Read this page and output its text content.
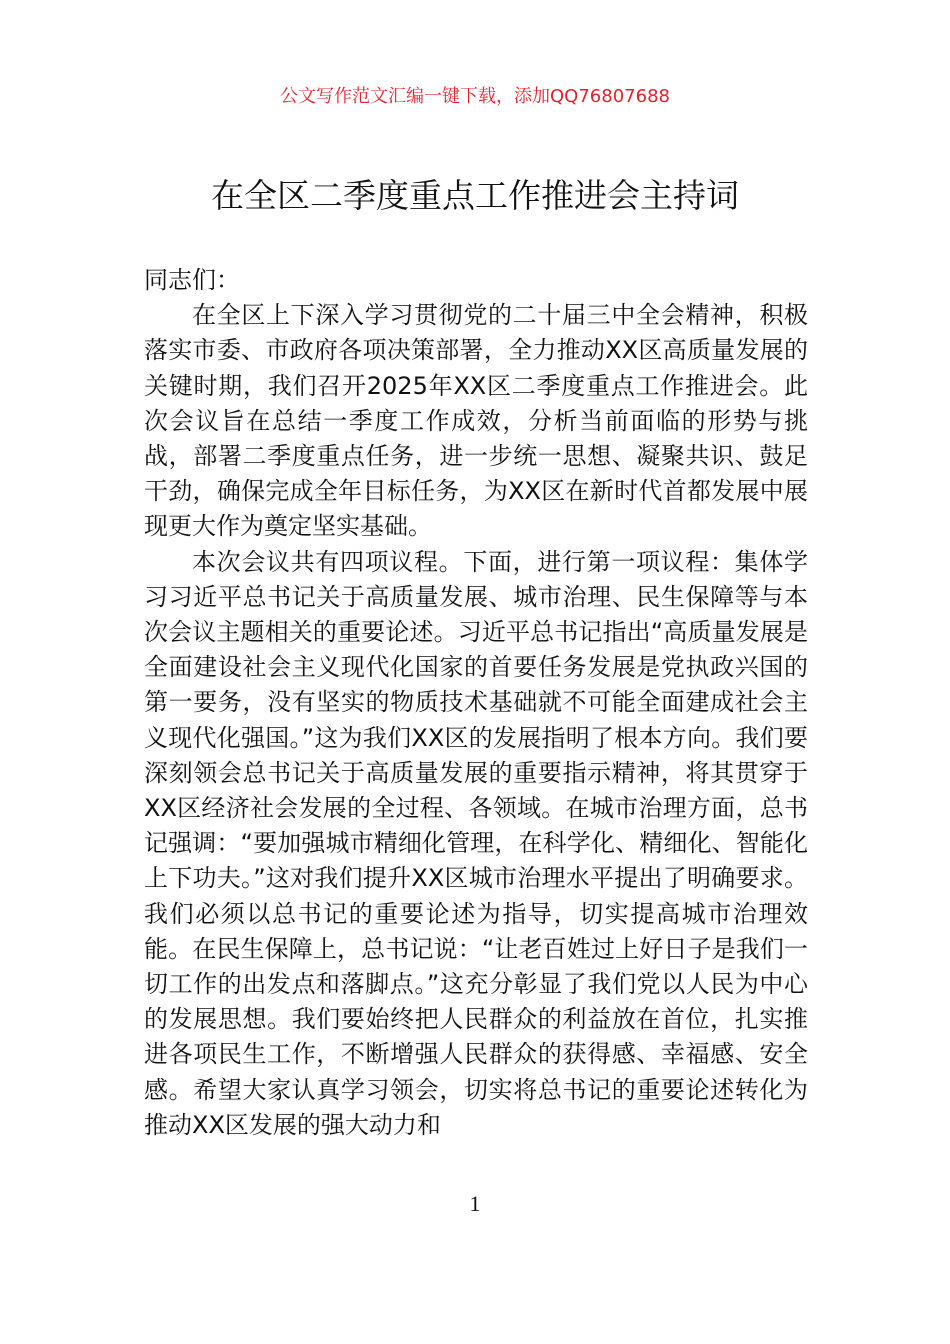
公文写作范文汇编一键下载，添加QQ76807688
在全区二季度重点工作推进会主持词

同志们：

在全区上下深入学习贯彻党的二十届三中全会精神，积极落实市委、市政府各项决策部署，全力推动XX区高质量发展的关键时期，我们召开2025年XX区二季度重点工作推进会。此次会议旨在总结一季度工作成效，分析当前面临的形势与挑战，部署二季度重点任务，进一步统一思想、凝聚共识、鼓足干劲，确保完成全年目标任务，为XX区在新时代首都发展中展现更大作为奠定坚实基础。

本次会议共有四项议程。下面，进行第一项议程：集体学习习近平总书记关于高质量发展、城市治理、民生保障等与本次会议主题相关的重要论述。习近平总书记指出“高质量发展是全面建设社会主义现代化国家的首要任务发展是党执政兴国的第一要务，没有坚实的物质技术基础就不可能全面建成社会主义现代化强国。”这为我们XX区的发展指明了根本方向。我们要深刻领会总书记关于高质量发展的重要指示精神，将其贯穿于XX区经济社会发展的全过程、各领域。在城市治理方面，总书记强调：“要加强城市精细化管理，在科学化、精细化、智能化上下功夫。”这对我们提升XX区城市治理水平提出了明确要求。我们必须以总书记的重要论述为指导，切实提高城市治理效能。在民生保障上，总书记说：“让老百姓过上好日子是我们一切工作的出发点和落脚点。”这充分彰显了我们党以人民为中心的发展思想。我们要始终把人民群众的利益放在首位，扎实推进各项民生工作，不断增强人民群众的获得感、幸福感、安全感。希望大家认真学习领会，切实将总书记的重要论述转化为推动XX区发展的强大动力和

1
